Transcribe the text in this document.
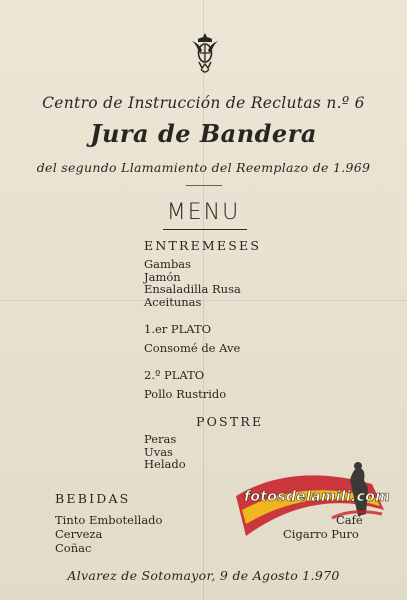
Centro de Instrucción de Reclutas n.º 6
Jura de Bandera
del segundo Llamamiento del Reemplazo de 1.969
MENU
ENTREMESES
Gambas
Jamón
Ensaladilla Rusa
Aceitunas
1.er PLATO
Consomé de Ave
2.º PLATO
Pollo Rustrido
POSTRE
Peras
Uvas
Helado
BEBIDAS
Tinto Embotellado
Cerveza
Coñac
fotosdelamili.com
Café
Cigarro Puro
Alvarez de Sotomayor, 9 de Agosto 1.970
